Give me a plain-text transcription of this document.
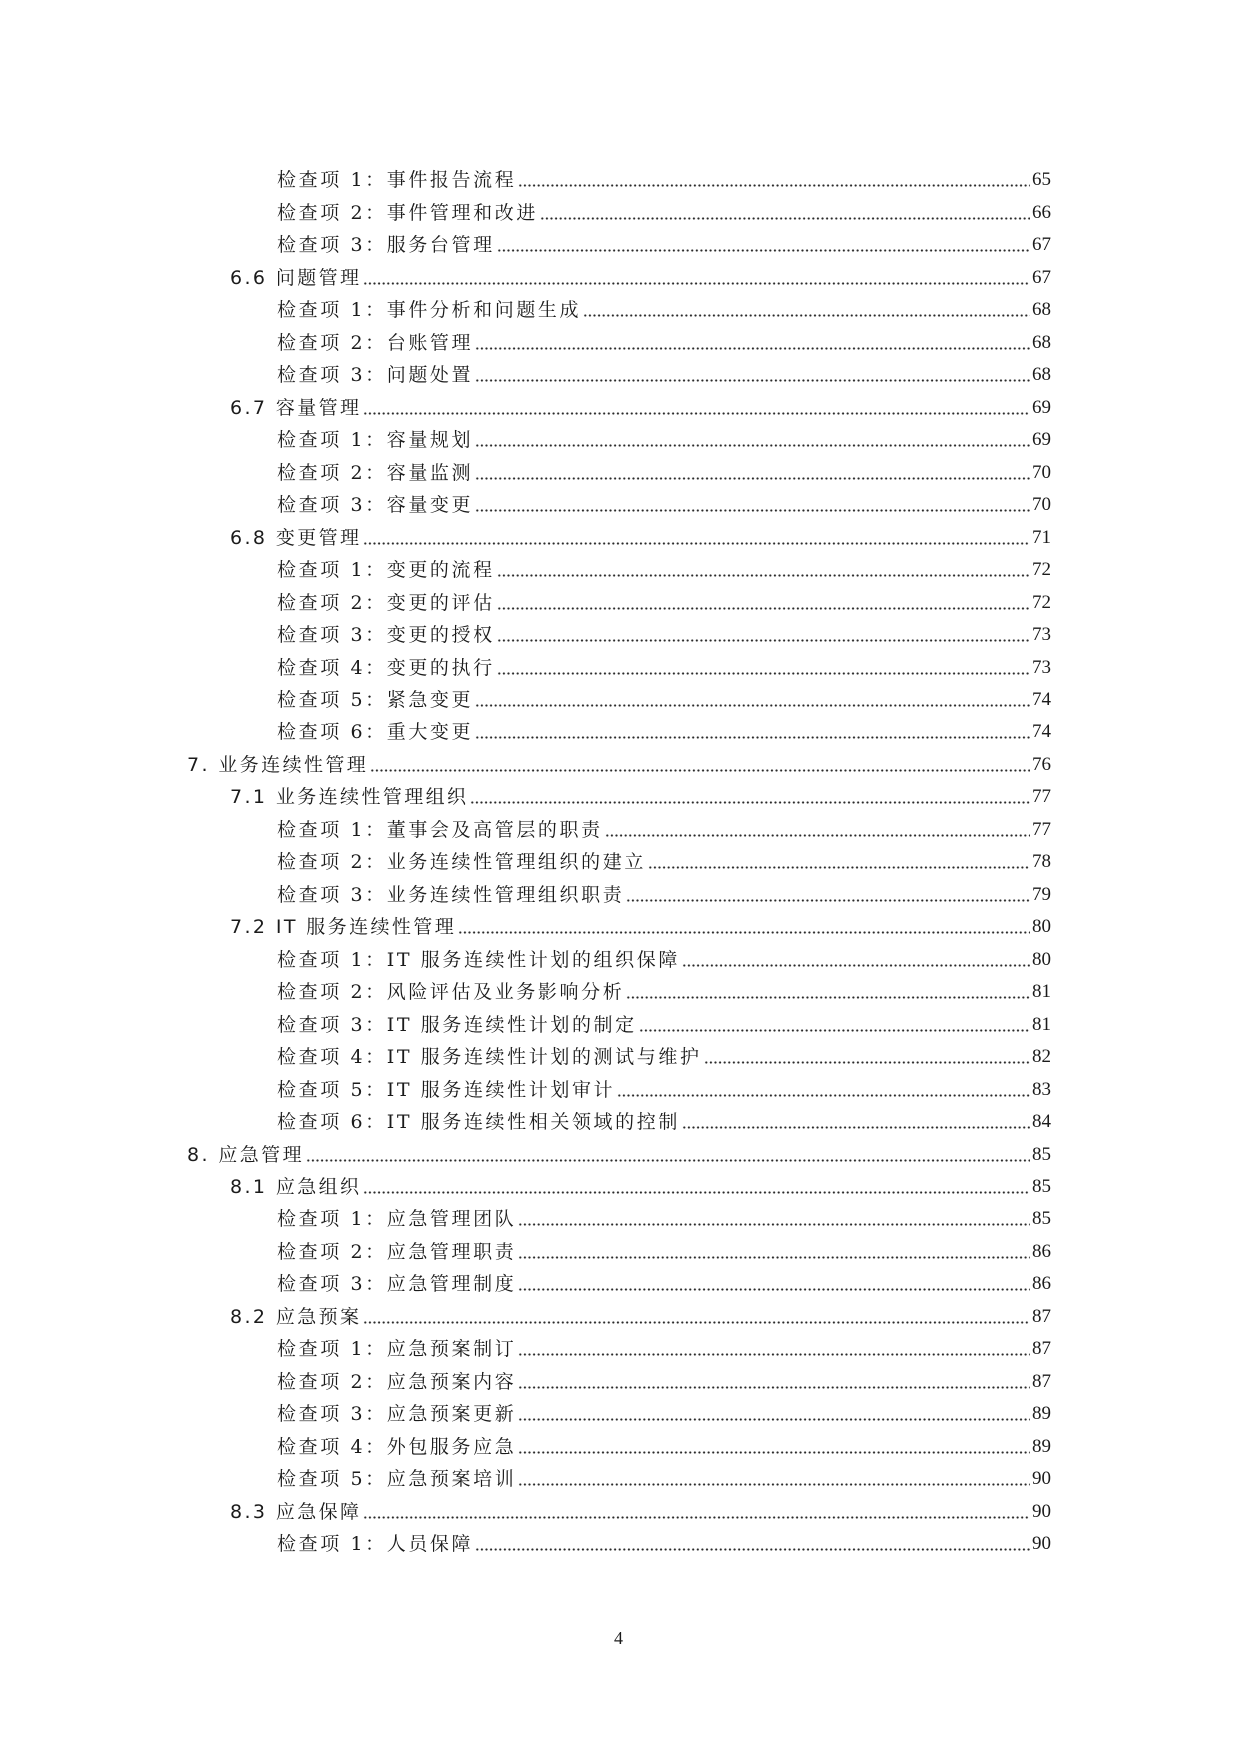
检查项 1：事件报告流程	65
检查项 2：事件管理和改进	66
检查项 3：服务台管理	67
6.6 问题管理	67
检查项 1：事件分析和问题生成	68
检查项 2：台账管理	68
检查项 3：问题处置	68
6.7 容量管理	69
检查项 1：容量规划	69
检查项 2：容量监测	70
检查项 3：容量变更	70
6.8 变更管理	71
检查项 1：变更的流程	72
检查项 2：变更的评估	72
检查项 3：变更的授权	73
检查项 4：变更的执行	73
检查项 5：紧急变更	74
检查项 6：重大变更	74
7. 业务连续性管理	76
7.1 业务连续性管理组织	77
检查项 1：董事会及高管层的职责	77
检查项 2：业务连续性管理组织的建立	78
检查项 3：业务连续性管理组织职责	79
7.2 IT 服务连续性管理	80
检查项 1：IT 服务连续性计划的组织保障	80
检查项 2：风险评估及业务影响分析	81
检查项 3：IT 服务连续性计划的制定	81
检查项 4：IT 服务连续性计划的测试与维护	82
检查项 5：IT 服务连续性计划审计	83
检查项 6：IT 服务连续性相关领域的控制	84
8. 应急管理	85
8.1 应急组织	85
检查项 1：应急管理团队	85
检查项 2：应急管理职责	86
检查项 3：应急管理制度	86
8.2 应急预案	87
检查项 1：应急预案制订	87
检查项 2：应急预案内容	87
检查项 3：应急预案更新	89
检查项 4：外包服务应急	89
检查项 5：应急预案培训	90
8.3 应急保障	90
检查项 1：人员保障	90
4
